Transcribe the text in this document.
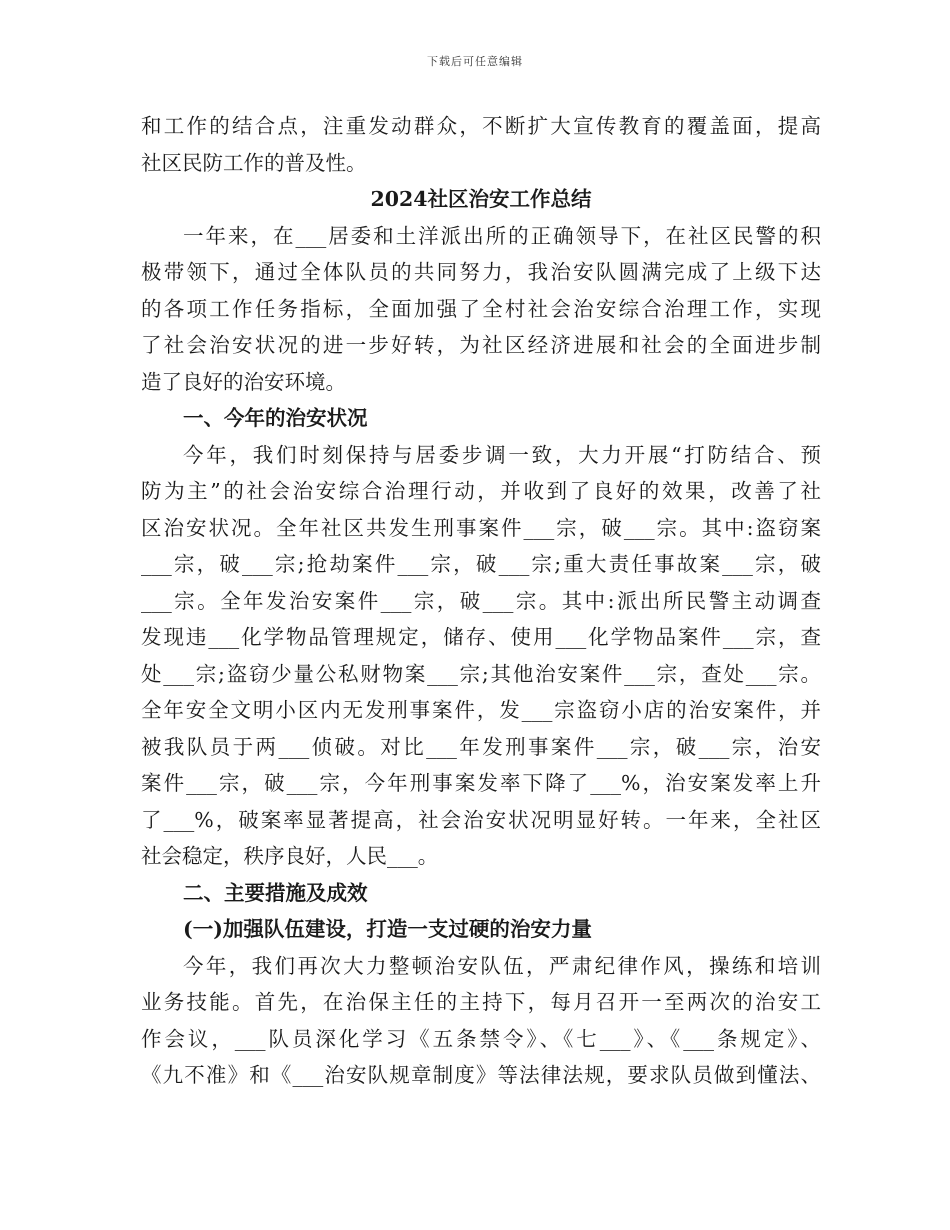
下载后可任意编辑
和工作的结合点，注重发动群众，不断扩大宣传教育的覆盖面，提高
社区民防工作的普及性。
2024社区治安工作总结
一年来，在___居委和土洋派出所的正确领导下，在社区民警的积
极带领下，通过全体队员的共同努力，我治安队圆满完成了上级下达
的各项工作任务指标，全面加强了全村社会治安综合治理工作，实现
了社会治安状况的进一步好转，为社区经济进展和社会的全面进步制
造了良好的治安环境。
一、今年的治安状况
今年，我们时刻保持与居委步调一致，大力开展“打防结合、预
防为主”的社会治安综合治理行动，并收到了良好的效果，改善了社
区治安状况。全年社区共发生刑事案件___宗，破___宗。其中:盗窃案
___宗，破___宗;抢劫案件___宗，破___宗;重大责任事故案___宗，破
___宗。全年发治安案件___宗，破___宗。其中:派出所民警主动调查
发现违___化学物品管理规定，储存、使用___化学物品案件___宗，查
处___宗;盗窃少量公私财物案___宗;其他治安案件___宗，查处___宗。
全年安全文明小区内无发刑事案件，发___宗盗窃小店的治安案件，并
被我队员于两___侦破。对比___年发刑事案件___宗，破___宗，治安
案件___宗，破___宗，今年刑事案发率下降了___%，治安案发率上升
了___%，破案率显著提高，社会治安状况明显好转。一年来，全社区
社会稳定，秩序良好，人民___。
二、主要措施及成效
(一)加强队伍建设，打造一支过硬的治安力量
今年，我们再次大力整顿治安队伍，严肃纪律作风，操练和培训
业务技能。首先，在治保主任的主持下，每月召开一至两次的治安工
作会议，___队员深化学习《五条禁令》、《七___》、《___条规定》、
《九不准》和《___治安队规章制度》等法律法规，要求队员做到懂法、
